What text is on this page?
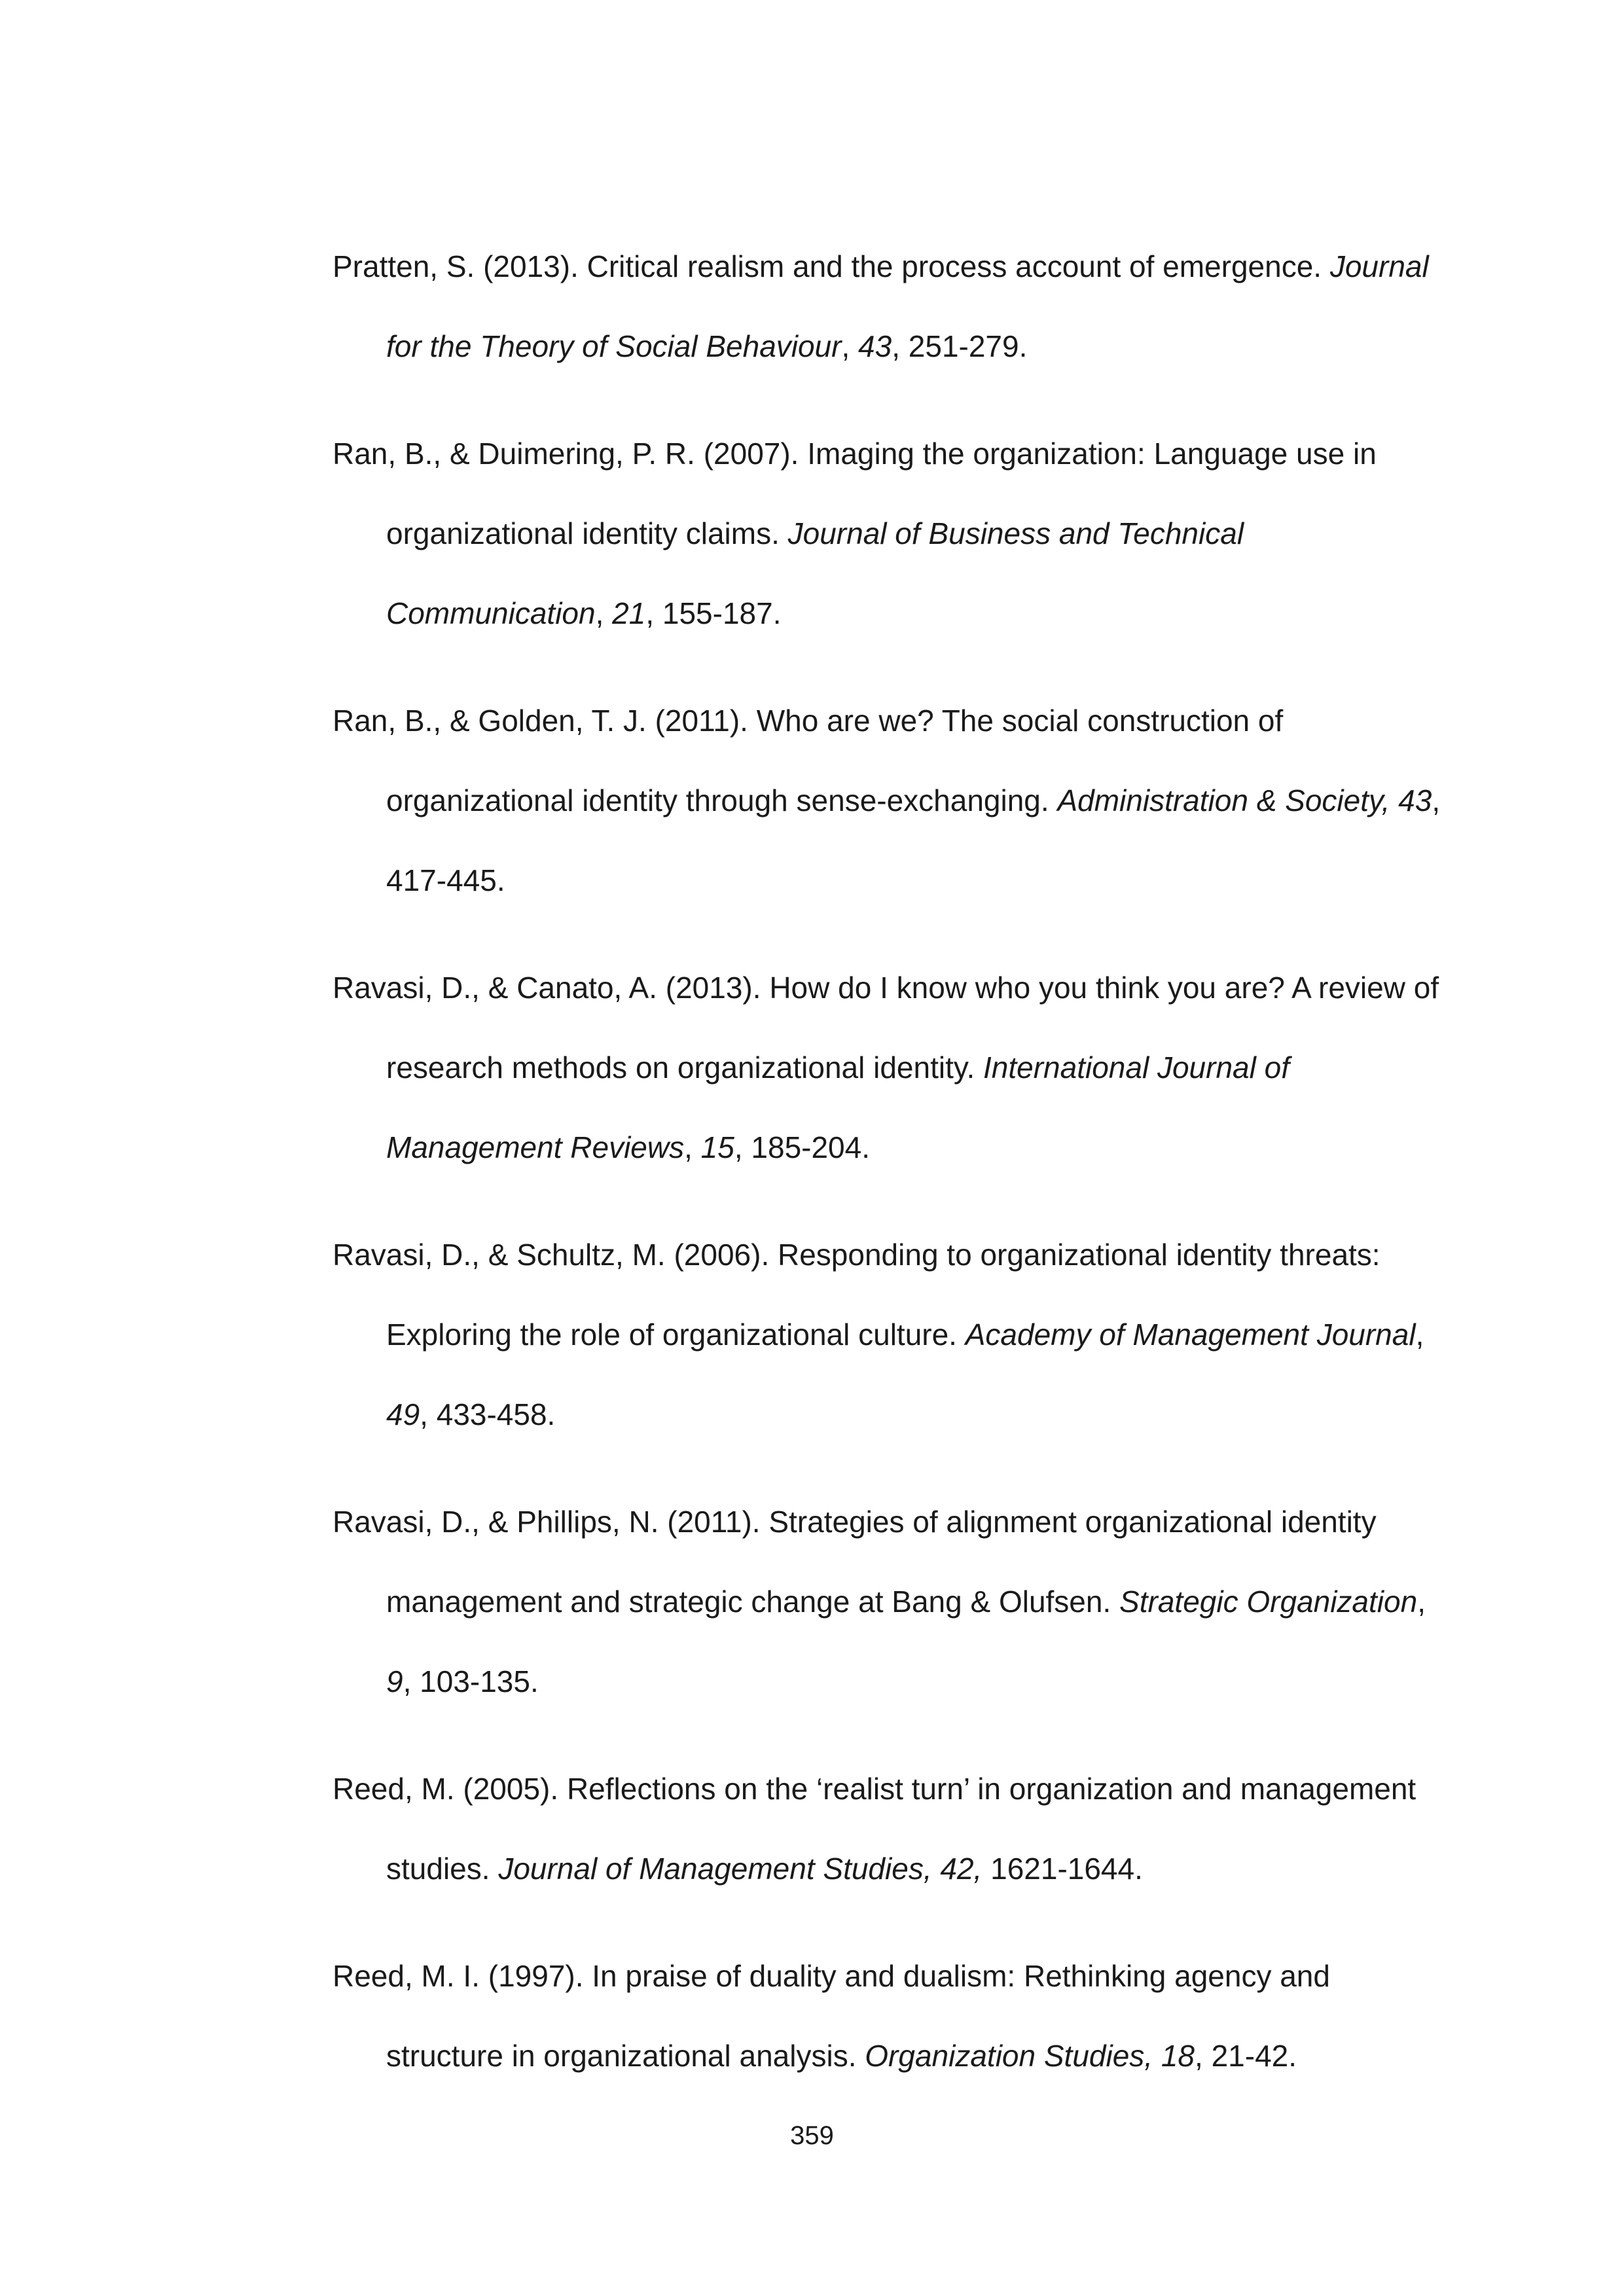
Pratten, S. (2013). Critical realism and the process account of emergence. Journal for the Theory of Social Behaviour, 43, 251-279.

Ran, B., & Duimering, P. R. (2007). Imaging the organization: Language use in organizational identity claims. Journal of Business and Technical Communication, 21, 155-187.

Ran, B., & Golden, T. J. (2011). Who are we? The social construction of organizational identity through sense-exchanging. Administration & Society, 43, 417-445.

Ravasi, D., & Canato, A. (2013). How do I know who you think you are? A review of research methods on organizational identity. International Journal of Management Reviews, 15, 185-204.

Ravasi, D., & Schultz, M. (2006). Responding to organizational identity threats: Exploring the role of organizational culture. Academy of Management Journal, 49, 433-458.

Ravasi, D., & Phillips, N. (2011). Strategies of alignment organizational identity management and strategic change at Bang & Olufsen. Strategic Organization, 9, 103-135.

Reed, M. (2005). Reflections on the ‘realist turn’ in organization and management studies. Journal of Management Studies, 42, 1621-1644.

Reed, M. I. (1997). In praise of duality and dualism: Rethinking agency and structure in organizational analysis. Organization Studies, 18, 21-42.

359
